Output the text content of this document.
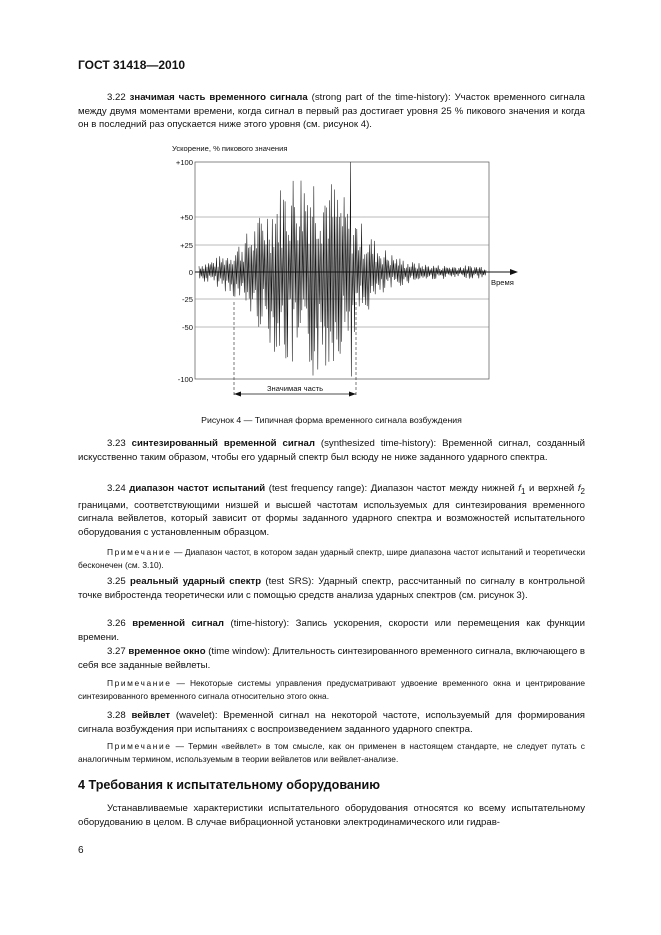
ГОСТ 31418—2010

3.22 значимая часть временного сигнала (strong part of the time-history): Участок временного сигнала между двумя моментами времени, когда сигнал в первый раз достигает уровня 25 % пикового значения и когда он в последний раз опускается ниже этого уровня (см. рисунок 4).

Ускорение, % пикового значения
+100
+50
+25
0
-25
-50
-100
Время
Значимая часть
Рисунок 4 — Типичная форма временного сигнала возбуждения

3.23 синтезированный временной сигнал (synthesized time-history): Временной сигнал, созданный искусственно таким образом, чтобы его ударный спектр был всюду не ниже заданного ударного спектра.

3.24 диапазон частот испытаний (test frequency range): Диапазон частот между нижней $f_1$ и верхней $f_2$ границами, соответствующими низшей и высшей частотам используемых для синтезирования временного сигнала вейвлетов, который зависит от формы заданного ударного спектра и возможностей испытательного оборудования с установленным образцом.

Примечание — Диапазон частот, в котором задан ударный спектр, шире диапазона частот испытаний и теоретически бесконечен (см. 3.10).

3.25 реальный ударный спектр (test SRS): Ударный спектр, рассчитанный по сигналу в контрольной точке вибростенда теоретически или с помощью средств анализа ударных спектров (см. рисунок 3).

3.26 временной сигнал (time-history): Запись ускорения, скорости или перемещения как функции времени.

3.27 временное окно (time window): Длительность синтезированного временного сигнала, включающего в себя все заданные вейвлеты.

Примечание — Некоторые системы управления предусматривают удвоение временного окна и центрирование синтезированного временного сигнала относительно этого окна.

3.28 вейвлет (wavelet): Временной сигнал на некоторой частоте, используемый для формирования сигнала возбуждения при испытаниях с воспроизведением заданного ударного спектра.

Примечание — Термин «вейвлет» в том смысле, как он применен в настоящем стандарте, не следует путать с аналогичным термином, используемым в теории вейвлетов или вейвлет-анализе.

4 Требования к испытательному оборудованию

Устанавливаемые характеристики испытательного оборудования относятся ко всему испытательному оборудованию в целом. В случае вибрационной установки электродинамического или гидрав-

6
